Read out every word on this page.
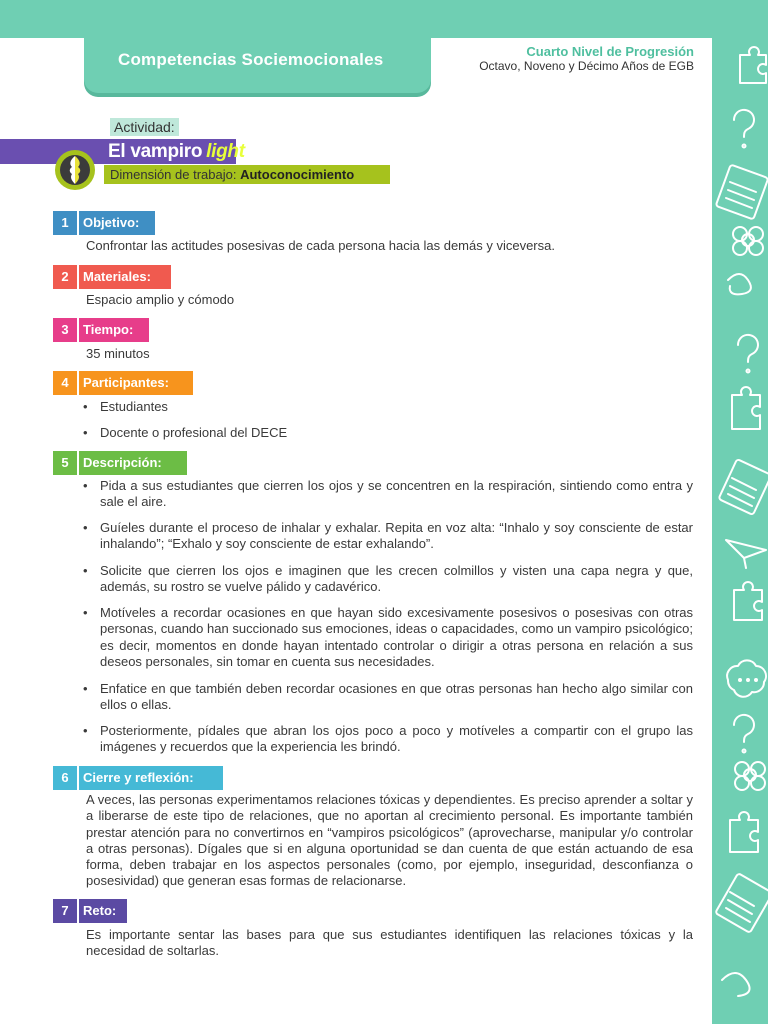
Competencias Sociemocionales	Cuarto Nivel de Progresión
Octavo, Noveno y Décimo Años de EGB
Actividad:
El vampiro light
Dimensión de trabajo: Autoconocimiento
1	Objetivo:
Confrontar las actitudes posesivas de cada persona hacia las demás y viceversa.
2	Materiales:
Espacio amplio y cómodo
3	Tiempo:
35 minutos
4	Participantes:
• Estudiantes
• Docente o profesional del DECE
5	Descripción:
• Pida a sus estudiantes que cierren los ojos y se concentren en la respiración, sintiendo como entra y sale el aire.
• Guíeles durante el proceso de inhalar y exhalar. Repita en voz alta: “Inhalo y soy consciente de estar inhalando”; “Exhalo y soy consciente de estar exhalando”.
• Solicite que cierren los ojos e imaginen que les crecen colmillos y visten una capa negra y que, además, su rostro se vuelve pálido y cadavérico.
• Motíveles a recordar ocasiones en que hayan sido excesivamente posesivos o posesivas con otras personas, cuando han succionado sus emociones, ideas o capacidades, como un vampiro psicológico; es decir, momentos en donde hayan intentado controlar o dirigir a otras persona en relación a sus deseos personales, sin tomar en cuenta sus necesidades.
• Enfatice en que también deben recordar ocasiones en que otras personas han hecho algo similar con ellos o ellas.
• Posteriormente, pídales que abran los ojos poco a poco y motíveles a compartir con el grupo las imágenes y recuerdos que la experiencia les brindó.
6	Cierre y reflexión:
A veces, las personas experimentamos relaciones tóxicas y dependientes. Es preciso aprender a soltar y a liberarse de este tipo de relaciones, que no aportan al crecimiento personal. Es importante también prestar atención para no convertirnos en “vampiros psicológicos” (aprovecharse, manipular y/o controlar a otras personas). Dígales que si en alguna oportunidad se dan cuenta de que están actuando de esa forma, deben trabajar en los aspectos personales (como, por ejemplo, inseguridad, desconfianza o posesividad) que generan esas formas de relacionarse.
7	Reto:
Es importante sentar las bases para que sus estudiantes identifiquen las relaciones tóxicas y la necesidad de soltarlas.
